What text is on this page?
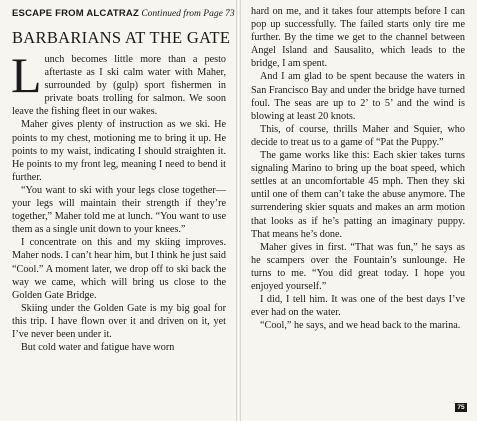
ESCAPE FROM ALCATRAZ Continued from Page 73
BARBARIANS AT THE GATE

Lunch becomes little more than a pesto aftertaste as I ski calm water with Maher, surrounded by (gulp) sport fishermen in private boats trolling for salmon. We soon leave the fishing fleet in our wakes.

Maher gives plenty of instruction as we ski. He points to my chest, motioning me to bring it up. He points to my waist, indicating I should straighten it. He points to my front leg, meaning I need to bend it further.

“You want to ski with your legs close together—your legs will maintain their strength if they’re together,” Maher told me at lunch. “You want to use them as a single unit down to your knees.”

I concentrate on this and my skiing improves. Maher nods. I can’t hear him, but I think he just said “Cool.” A moment later, we drop off to ski back the way we came, which will bring us close to the Golden Gate Bridge.

Skiing under the Golden Gate is my big goal for this trip. I have flown over it and driven on it, yet I’ve never been under it.

But cold water and fatigue have worn

hard on me, and it takes four attempts before I can pop up successfully. The failed starts only tire me further. By the time we get to the channel between Angel Island and Sausalito, which leads to the bridge, I am spent.

And I am glad to be spent because the waters in San Francisco Bay and under the bridge have turned foul. The seas are up to 2’ to 5’ and the wind is blowing at least 20 knots.

This, of course, thrills Maher and Squier, who decide to treat us to a game of “Pat the Puppy.”

The game works like this: Each skier takes turns signaling Marino to bring up the boat speed, which settles at an uncomfortable 45 mph. Then they ski until one of them can’t take the abuse anymore. The surrendering skier squats and makes an arm motion that looks as if he’s patting an imaginary puppy. That means he’s done.

Maher gives in first. “That was fun,” he says as he scampers over the Fountain’s sunlounge. He turns to me. “You did great today. I hope you enjoyed yourself.”

I did, I tell him. It was one of the best days I’ve ever had on the water.

“Cool,” he says, and we head back to the marina.

75
